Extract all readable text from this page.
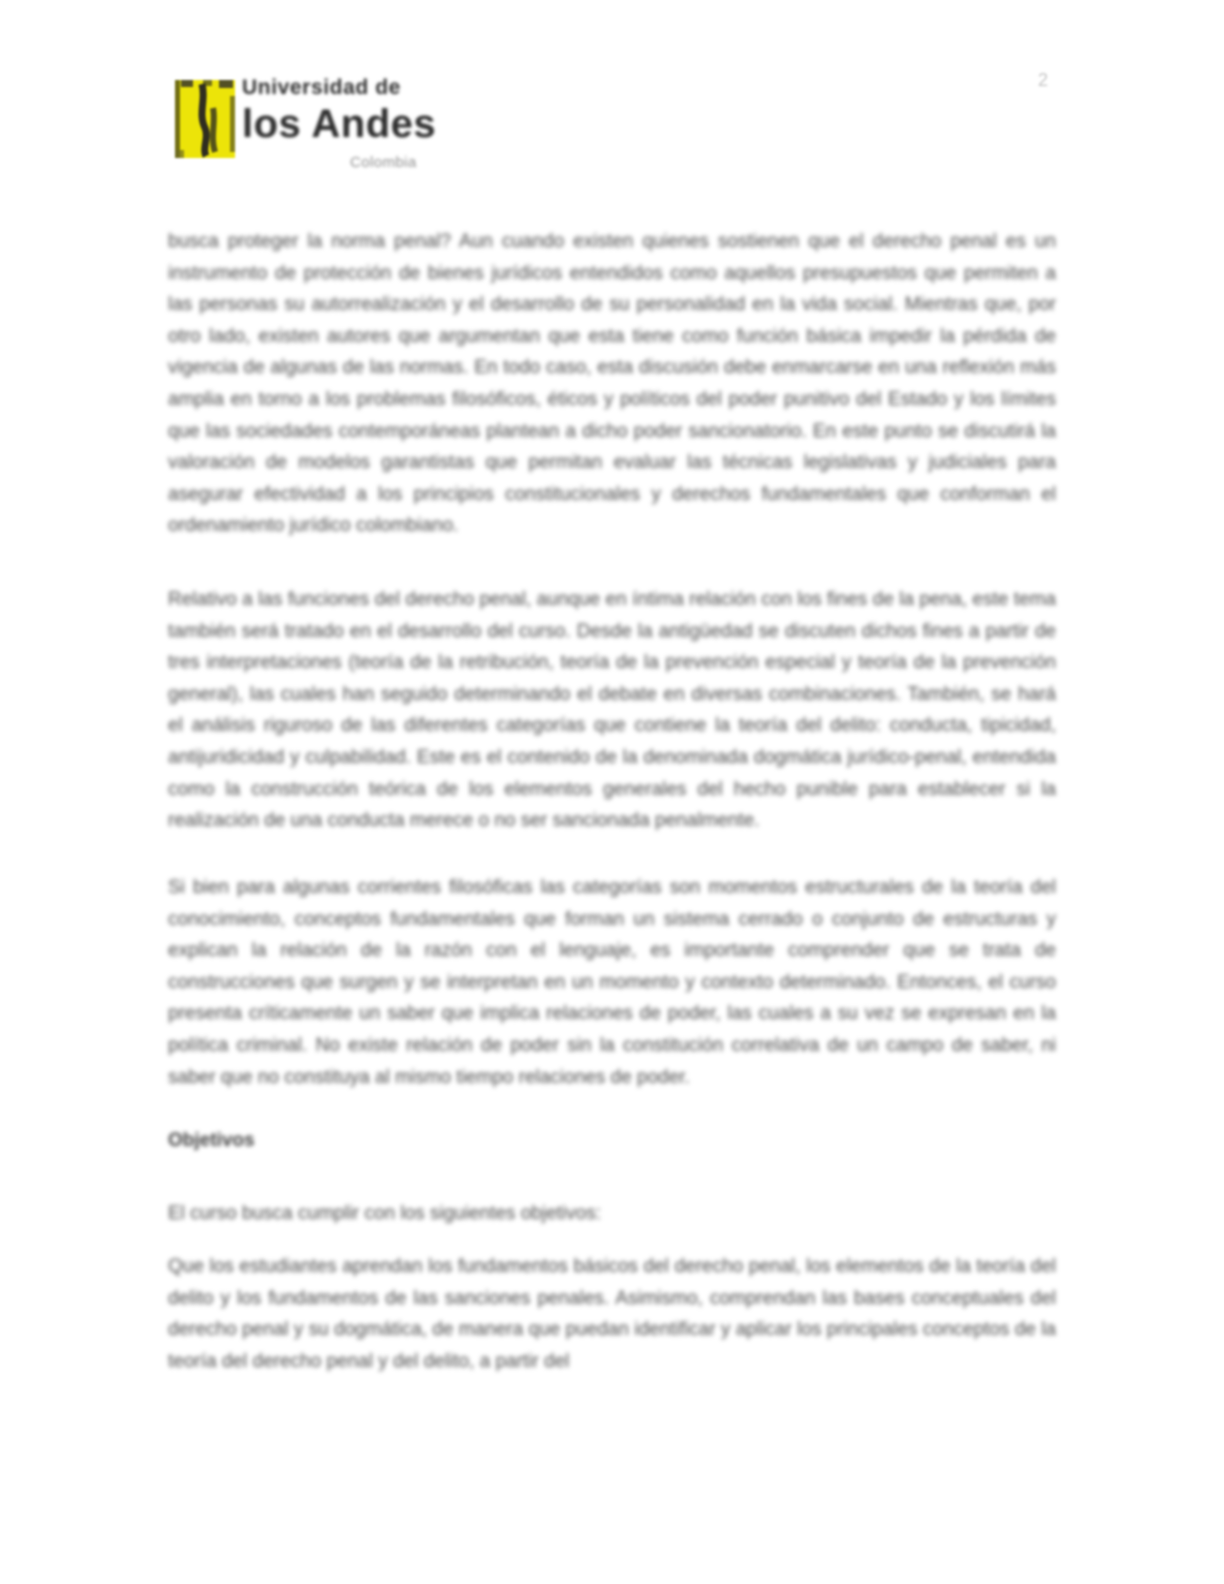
Universidad de
los Andes
Colombia
2

busca proteger la norma penal? Aun cuando existen quienes sostienen que el derecho penal es un instrumento de protección de bienes jurídicos entendidos como aquellos presupuestos que permiten a las personas su autorrealización y el desarrollo de su personalidad en la vida social. Mientras que, por otro lado, existen autores que argumentan que esta tiene como función básica impedir la pérdida de vigencia de algunas de las normas. En todo caso, esta discusión debe enmarcarse en una reflexión más amplia en torno a los problemas filosóficos, éticos y políticos del poder punitivo del Estado y los límites que las sociedades contemporáneas plantean a dicho poder sancionatorio. En este punto se discutirá la valoración de modelos garantistas que permitan evaluar las técnicas legislativas y judiciales para asegurar efectividad a los principios constitucionales y derechos fundamentales que conforman el ordenamiento jurídico colombiano.

Relativo a las funciones del derecho penal, aunque en íntima relación con los fines de la pena, este tema también será tratado en el desarrollo del curso. Desde la antigüedad se discuten dichos fines a partir de tres interpretaciones (teoría de la retribución, teoría de la prevención especial y teoría de la prevención general), las cuales han seguido determinando el debate en diversas combinaciones. También, se hará el análisis riguroso de las diferentes categorías que contiene la teoría del delito: conducta, tipicidad, antijuridicidad y culpabilidad. Este es el contenido de la denominada dogmática jurídico-penal, entendida como la construcción teórica de los elementos generales del hecho punible para establecer si la realización de una conducta merece o no ser sancionada penalmente.

Si bien para algunas corrientes filosóficas las categorías son momentos estructurales de la teoría del conocimiento, conceptos fundamentales que forman un sistema cerrado o conjunto de estructuras y explican la relación de la razón con el lenguaje, es importante comprender que se trata de construcciones que surgen y se interpretan en un momento y contexto determinado. Entonces, el curso presenta críticamente un saber que implica relaciones de poder, las cuales a su vez se expresan en la política criminal. No existe relación de poder sin la constitución correlativa de un campo de saber, ni saber que no constituya al mismo tiempo relaciones de poder.

Objetivos

El curso busca cumplir con los siguientes objetivos:

Que los estudiantes aprendan los fundamentos básicos del derecho penal, los elementos de la teoría del delito y los fundamentos de las sanciones penales. Asimismo, comprendan las bases conceptuales del derecho penal y su dogmática, de manera que puedan identificar y aplicar los principales conceptos de la teoría del derecho penal y del delito, a partir del
